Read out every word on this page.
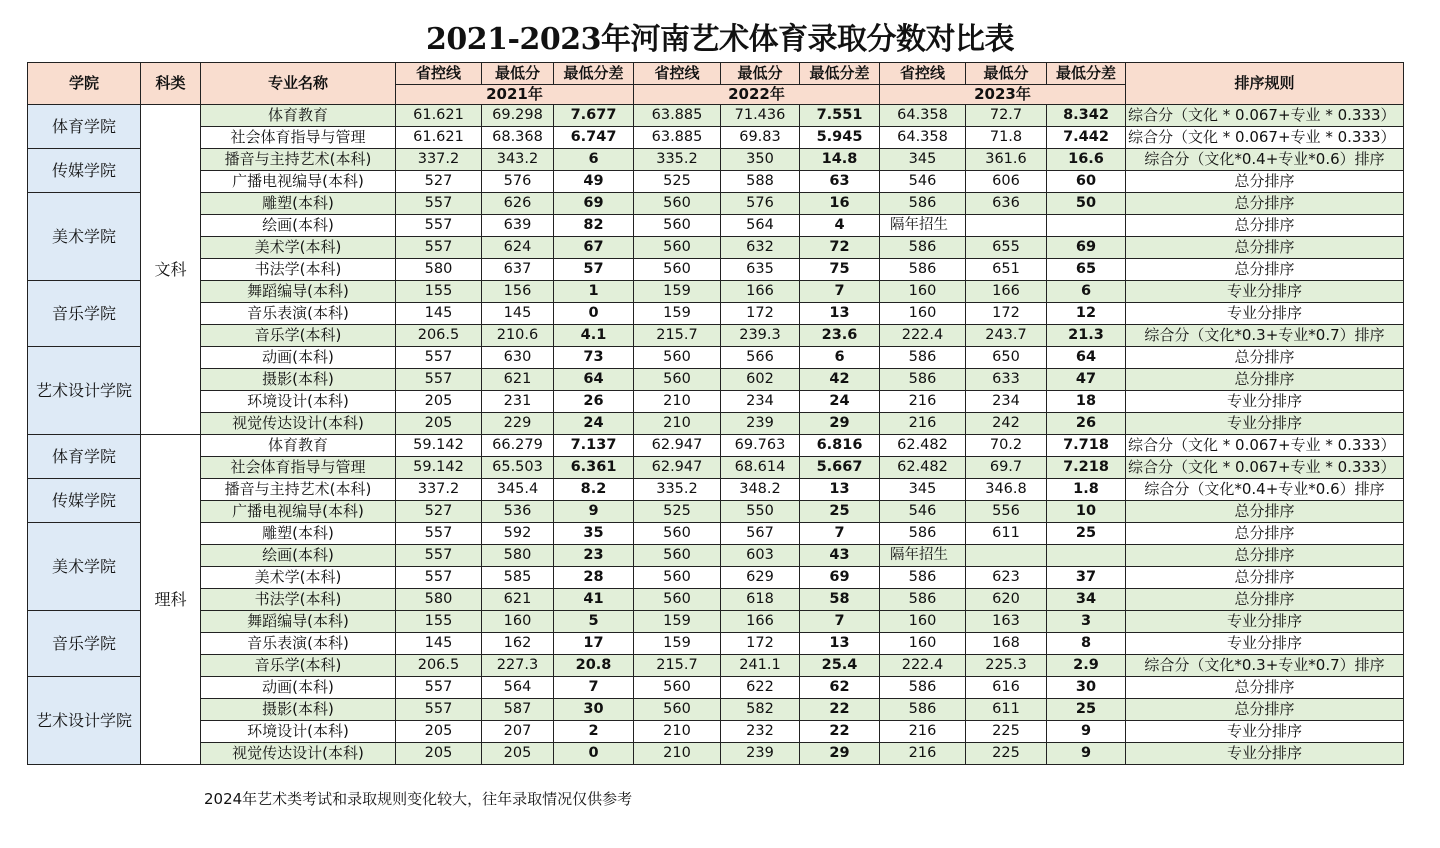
2021-2023年河南艺术体育录取分数对比表
学院	科类	专业名称	省控线	最低分	最低分差	省控线	最低分	最低分差	省控线	最低分	最低分差	排序规则
			2021年			2022年			2023年			
体育学院	文科	体育教育	61.621	69.298	7.677	63.885	71.436	7.551	64.358	72.7	8.342	综合分（文化 * 0.067+专业 * 0.333）
		社会体育指导与管理	61.621	68.368	6.747	63.885	69.83	5.945	64.358	71.8	7.442	综合分（文化 * 0.067+专业 * 0.333）
传媒学院		播音与主持艺术(本科)	337.2	343.2	6	335.2	350	14.8	345	361.6	16.6	综合分（文化*0.4+专业*0.6）排序
		广播电视编导(本科)	527	576	49	525	588	63	546	606	60	总分排序
美术学院		雕塑(本科)	557	626	69	560	576	16	586	636	50	总分排序
		绘画(本科)	557	639	82	560	564	4	隔年招生			总分排序
		美术学(本科)	557	624	67	560	632	72	586	655	69	总分排序
		书法学(本科)	580	637	57	560	635	75	586	651	65	总分排序
音乐学院		舞蹈编导(本科)	155	156	1	159	166	7	160	166	6	专业分排序
		音乐表演(本科)	145	145	0	159	172	13	160	172	12	专业分排序
		音乐学(本科)	206.5	210.6	4.1	215.7	239.3	23.6	222.4	243.7	21.3	综合分（文化*0.3+专业*0.7）排序
艺术设计学院		动画(本科)	557	630	73	560	566	6	586	650	64	总分排序
		摄影(本科)	557	621	64	560	602	42	586	633	47	总分排序
		环境设计(本科)	205	231	26	210	234	24	216	234	18	专业分排序
		视觉传达设计(本科)	205	229	24	210	239	29	216	242	26	专业分排序
体育学院	理科	体育教育	59.142	66.279	7.137	62.947	69.763	6.816	62.482	70.2	7.718	综合分（文化 * 0.067+专业 * 0.333）
		社会体育指导与管理	59.142	65.503	6.361	62.947	68.614	5.667	62.482	69.7	7.218	综合分（文化 * 0.067+专业 * 0.333）
传媒学院		播音与主持艺术(本科)	337.2	345.4	8.2	335.2	348.2	13	345	346.8	1.8	综合分（文化*0.4+专业*0.6）排序
		广播电视编导(本科)	527	536	9	525	550	25	546	556	10	总分排序
美术学院		雕塑(本科)	557	592	35	560	567	7	586	611	25	总分排序
		绘画(本科)	557	580	23	560	603	43	隔年招生			总分排序
		美术学(本科)	557	585	28	560	629	69	586	623	37	总分排序
		书法学(本科)	580	621	41	560	618	58	586	620	34	总分排序
音乐学院		舞蹈编导(本科)	155	160	5	159	166	7	160	163	3	专业分排序
		音乐表演(本科)	145	162	17	159	172	13	160	168	8	专业分排序
		音乐学(本科)	206.5	227.3	20.8	215.7	241.1	25.4	222.4	225.3	2.9	综合分（文化*0.3+专业*0.7）排序
艺术设计学院		动画(本科)	557	564	7	560	622	62	586	616	30	总分排序
		摄影(本科)	557	587	30	560	582	22	586	611	25	总分排序
		环境设计(本科)	205	207	2	210	232	22	216	225	9	专业分排序
		视觉传达设计(本科)	205	205	0	210	239	29	216	225	9	专业分排序
2024年艺术类考试和录取规则变化较大，往年录取情况仅供参考
